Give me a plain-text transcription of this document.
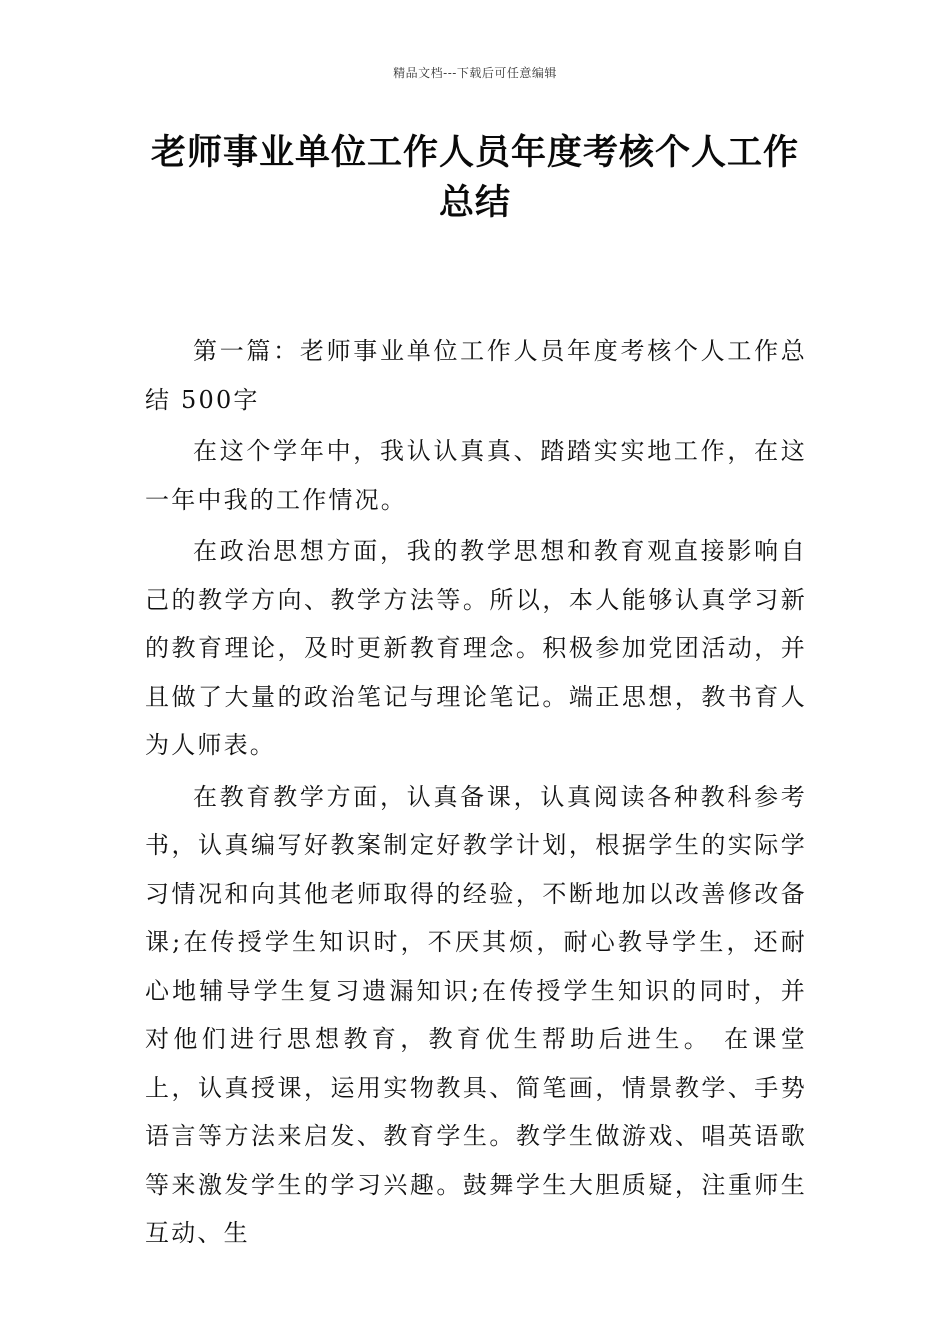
精品文档---下载后可任意编辑
老师事业单位工作人员年度考核个人工作总结

第一篇：老师事业单位工作人员年度考核个人工作总结 500字

在这个学年中，我认认真真、踏踏实实地工作，在这一年中我的工作情况。

在政治思想方面，我的教学思想和教育观直接影响自己的教学方向、教学方法等。所以，本人能够认真学习新的教育理论，及时更新教育理念。积极参加党团活动，并且做了大量的政治笔记与理论笔记。端正思想，教书育人为人师表。

在教育教学方面，认真备课，认真阅读各种教科参考书，认真编写好教案制定好教学计划，根据学生的实际学习情况和向其他老师取得的经验，不断地加以改善修改备课;在传授学生知识时，不厌其烦，耐心教导学生，还耐心地辅导学生复习遗漏知识;在传授学生知识的同时，并对他们进行思想教育，教育优生帮助后进生。 在课堂上，认真授课，运用实物教具、简笔画，情景教学、手势语言等方法来启发、教育学生。教学生做游戏、唱英语歌等来激发学生的学习兴趣。鼓舞学生大胆质疑，注重师生互动、生
